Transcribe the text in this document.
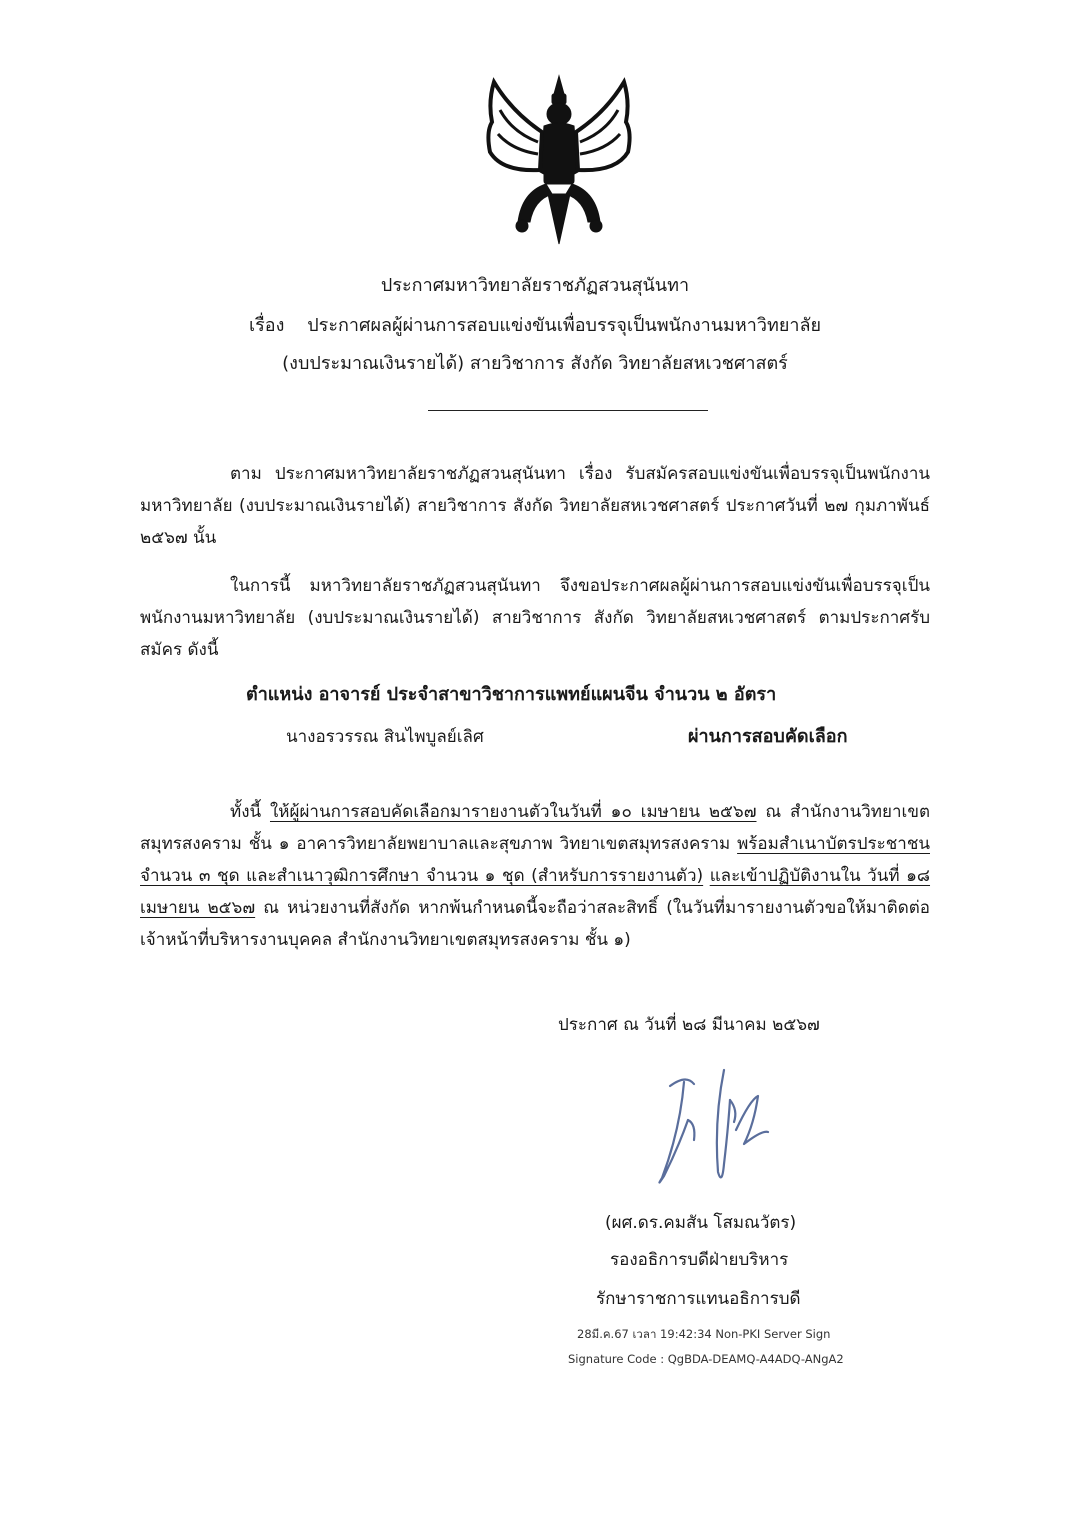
ประกาศมหาวิทยาลัยราชภัฏสวนสุนันทา
เรื่อง ประกาศผลผู้ผ่านการสอบแข่งขันเพื่อบรรจุเป็นพนักงานมหาวิทยาลัย
(งบประมาณเงินรายได้) สายวิชาการ สังกัด วิทยาลัยสหเวชศาสตร์

ตาม ประกาศมหาวิทยาลัยราชภัฏสวนสุนันทา เรื่อง รับสมัครสอบแข่งขันเพื่อบรรจุเป็นพนักงานมหาวิทยาลัย (งบประมาณเงินรายได้) สายวิชาการ สังกัด วิทยาลัยสหเวชศาสตร์ ประกาศวันที่ ๒๗ กุมภาพันธ์ ๒๕๖๗ นั้น

ในการนี้ มหาวิทยาลัยราชภัฏสวนสุนันทา จึงขอประกาศผลผู้ผ่านการสอบแข่งขันเพื่อบรรจุเป็นพนักงานมหาวิทยาลัย (งบประมาณเงินรายได้) สายวิชาการ สังกัด วิทยาลัยสหเวชศาสตร์ ตามประกาศรับสมัคร ดังนี้

ตำแหน่ง อาจารย์ ประจำสาขาวิชาการแพทย์แผนจีน จำนวน ๒ อัตรา
นางอรวรรณ สินไพบูลย์เลิศ	ผ่านการสอบคัดเลือก

ทั้งนี้ ให้ผู้ผ่านการสอบคัดเลือกมารายงานตัวในวันที่ ๑๐ เมษายน ๒๕๖๗ ณ สำนักงานวิทยาเขตสมุทรสงคราม ชั้น ๑ อาคารวิทยาลัยพยาบาลและสุขภาพ วิทยาเขตสมุทรสงคราม พร้อมสำเนาบัตรประชาชน จำนวน ๓ ชุด และสำเนาวุฒิการศึกษา จำนวน ๑ ชุด (สำหรับการรายงานตัว) และเข้าปฏิบัติงานใน วันที่ ๑๘ เมษายน ๒๕๖๗ ณ หน่วยงานที่สังกัด หากพ้นกำหนดนี้จะถือว่าสละสิทธิ์ (ในวันที่มารายงานตัวขอให้มาติดต่อ เจ้าหน้าที่บริหารงานบุคคล สำนักงานวิทยาเขตสมุทรสงคราม ชั้น ๑)

ประกาศ ณ วันที่ ๒๘ มีนาคม ๒๕๖๗
(ผศ.ดร.คมสัน โสมณวัตร)
รองอธิการบดีฝ่ายบริหาร
รักษาราชการแทนอธิการบดี
28มี.ค.67 เวลา 19:42:34 Non-PKI Server Sign
Signature Code : QgBDA-DEAMQ-A4ADQ-ANgA2
